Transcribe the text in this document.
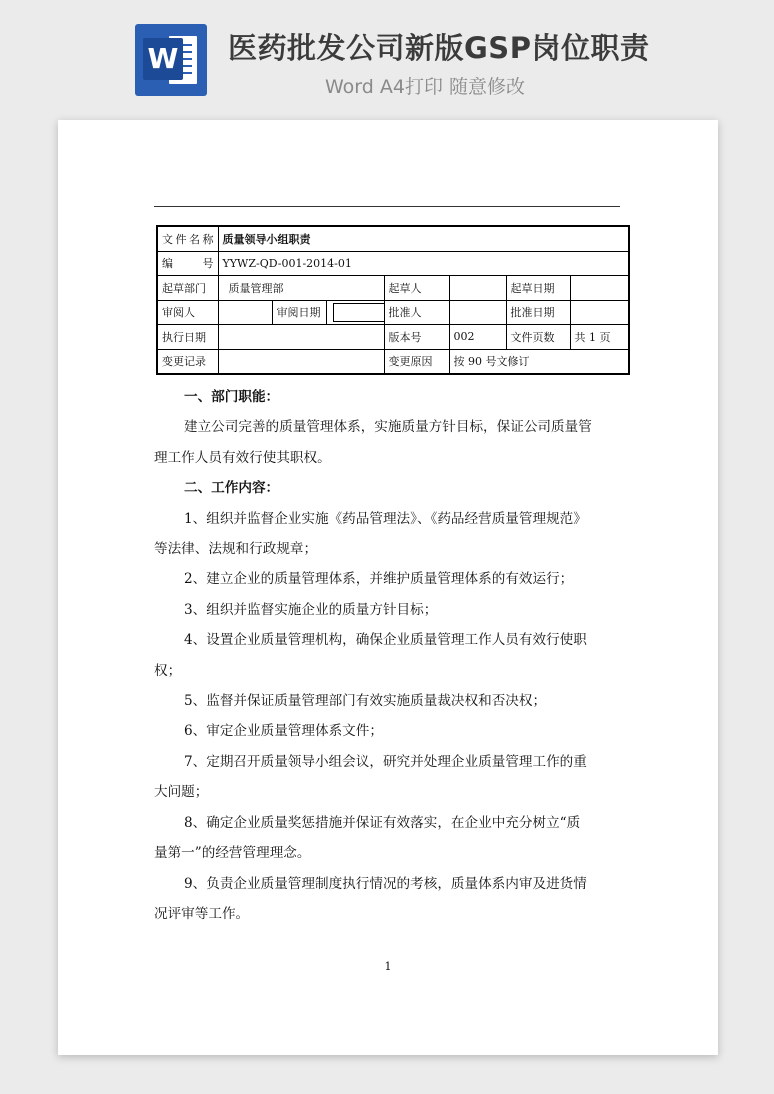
W 医药批发公司新版GSP岗位职责
Word A4打印 随意修改
文件名称	质量领导小组职责						
编　　号	YYWZ-QD-001-2014-01						
起草部门	质量管理部			起草人		起草日期	
审阅人		审阅日期		批准人		批准日期	
执行日期				版本号	002	文件页数	共 1 页
变更记录				变更原因	按 90 号文修订		

一、部门职能：

建立公司完善的质量管理体系，实施质量方针目标，保证公司质量管

理工作人员有效行使其职权。

二、工作内容：

1、组织并监督企业实施《药品管理法》、《药品经营质量管理规范》

等法律、法规和行政规章；

2、建立企业的质量管理体系，并维护质量管理体系的有效运行；

3、组织并监督实施企业的质量方针目标；

4、设置企业质量管理机构，确保企业质量管理工作人员有效行使职

权；

5、监督并保证质量管理部门有效实施质量裁决权和否决权；

6、审定企业质量管理体系文件；

7、定期召开质量领导小组会议，研究并处理企业质量管理工作的重

大问题；

8、确定企业质量奖惩措施并保证有效落实，在企业中充分树立“质

量第一”的经营管理理念。

9、负责企业质量管理制度执行情况的考核，质量体系内审及进货情

况评审等工作。

1
